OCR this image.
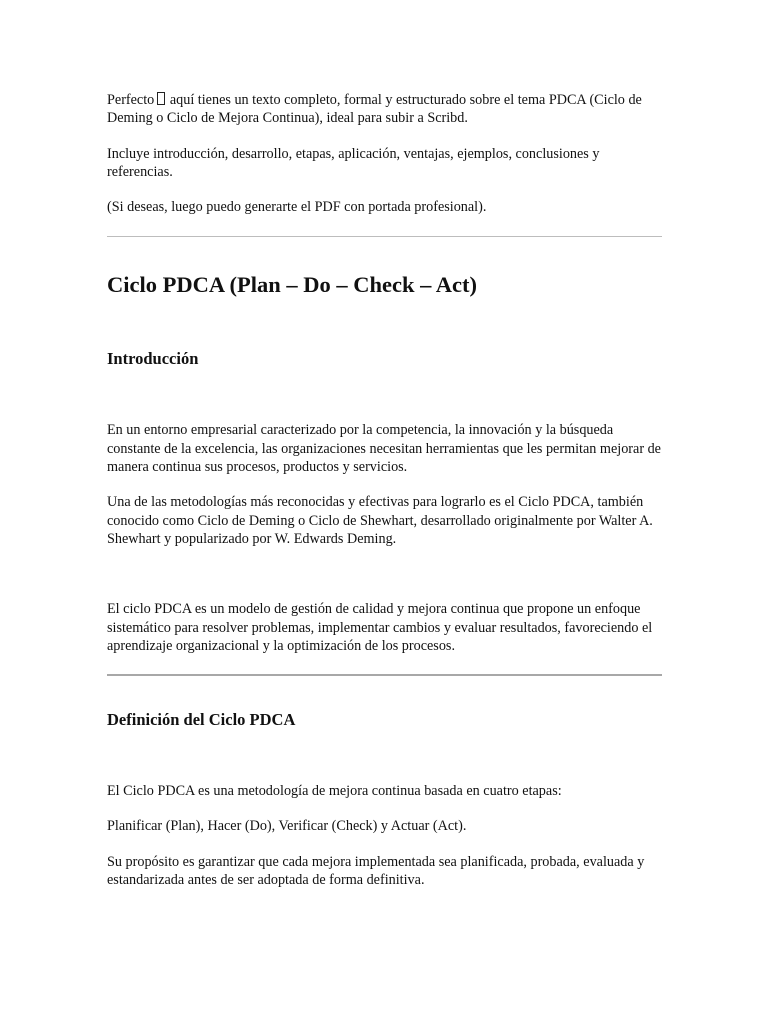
Perfecto aquí tienes un texto completo, formal y estructurado sobre el tema PDCA (Ciclo de Deming o Ciclo de Mejora Continua), ideal para subir a Scribd.

Incluye introducción, desarrollo, etapas, aplicación, ventajas, ejemplos, conclusiones y referencias.

(Si deseas, luego puedo generarte el PDF con portada profesional).

Ciclo PDCA (Plan – Do – Check – Act)
Introducción

En un entorno empresarial caracterizado por la competencia, la innovación y la búsqueda constante de la excelencia, las organizaciones necesitan herramientas que les permitan mejorar de manera continua sus procesos, productos y servicios.

Una de las metodologías más reconocidas y efectivas para lograrlo es el Ciclo PDCA, también conocido como Ciclo de Deming o Ciclo de Shewhart, desarrollado originalmente por Walter A. Shewhart y popularizado por W. Edwards Deming.

El ciclo PDCA es un modelo de gestión de calidad y mejora continua que propone un enfoque sistemático para resolver problemas, implementar cambios y evaluar resultados, favoreciendo el aprendizaje organizacional y la optimización de los procesos.

Definición del Ciclo PDCA

El Ciclo PDCA es una metodología de mejora continua basada en cuatro etapas:

Planificar (Plan), Hacer (Do), Verificar (Check) y Actuar (Act).

Su propósito es garantizar que cada mejora implementada sea planificada, probada, evaluada y estandarizada antes de ser adoptada de forma definitiva.
